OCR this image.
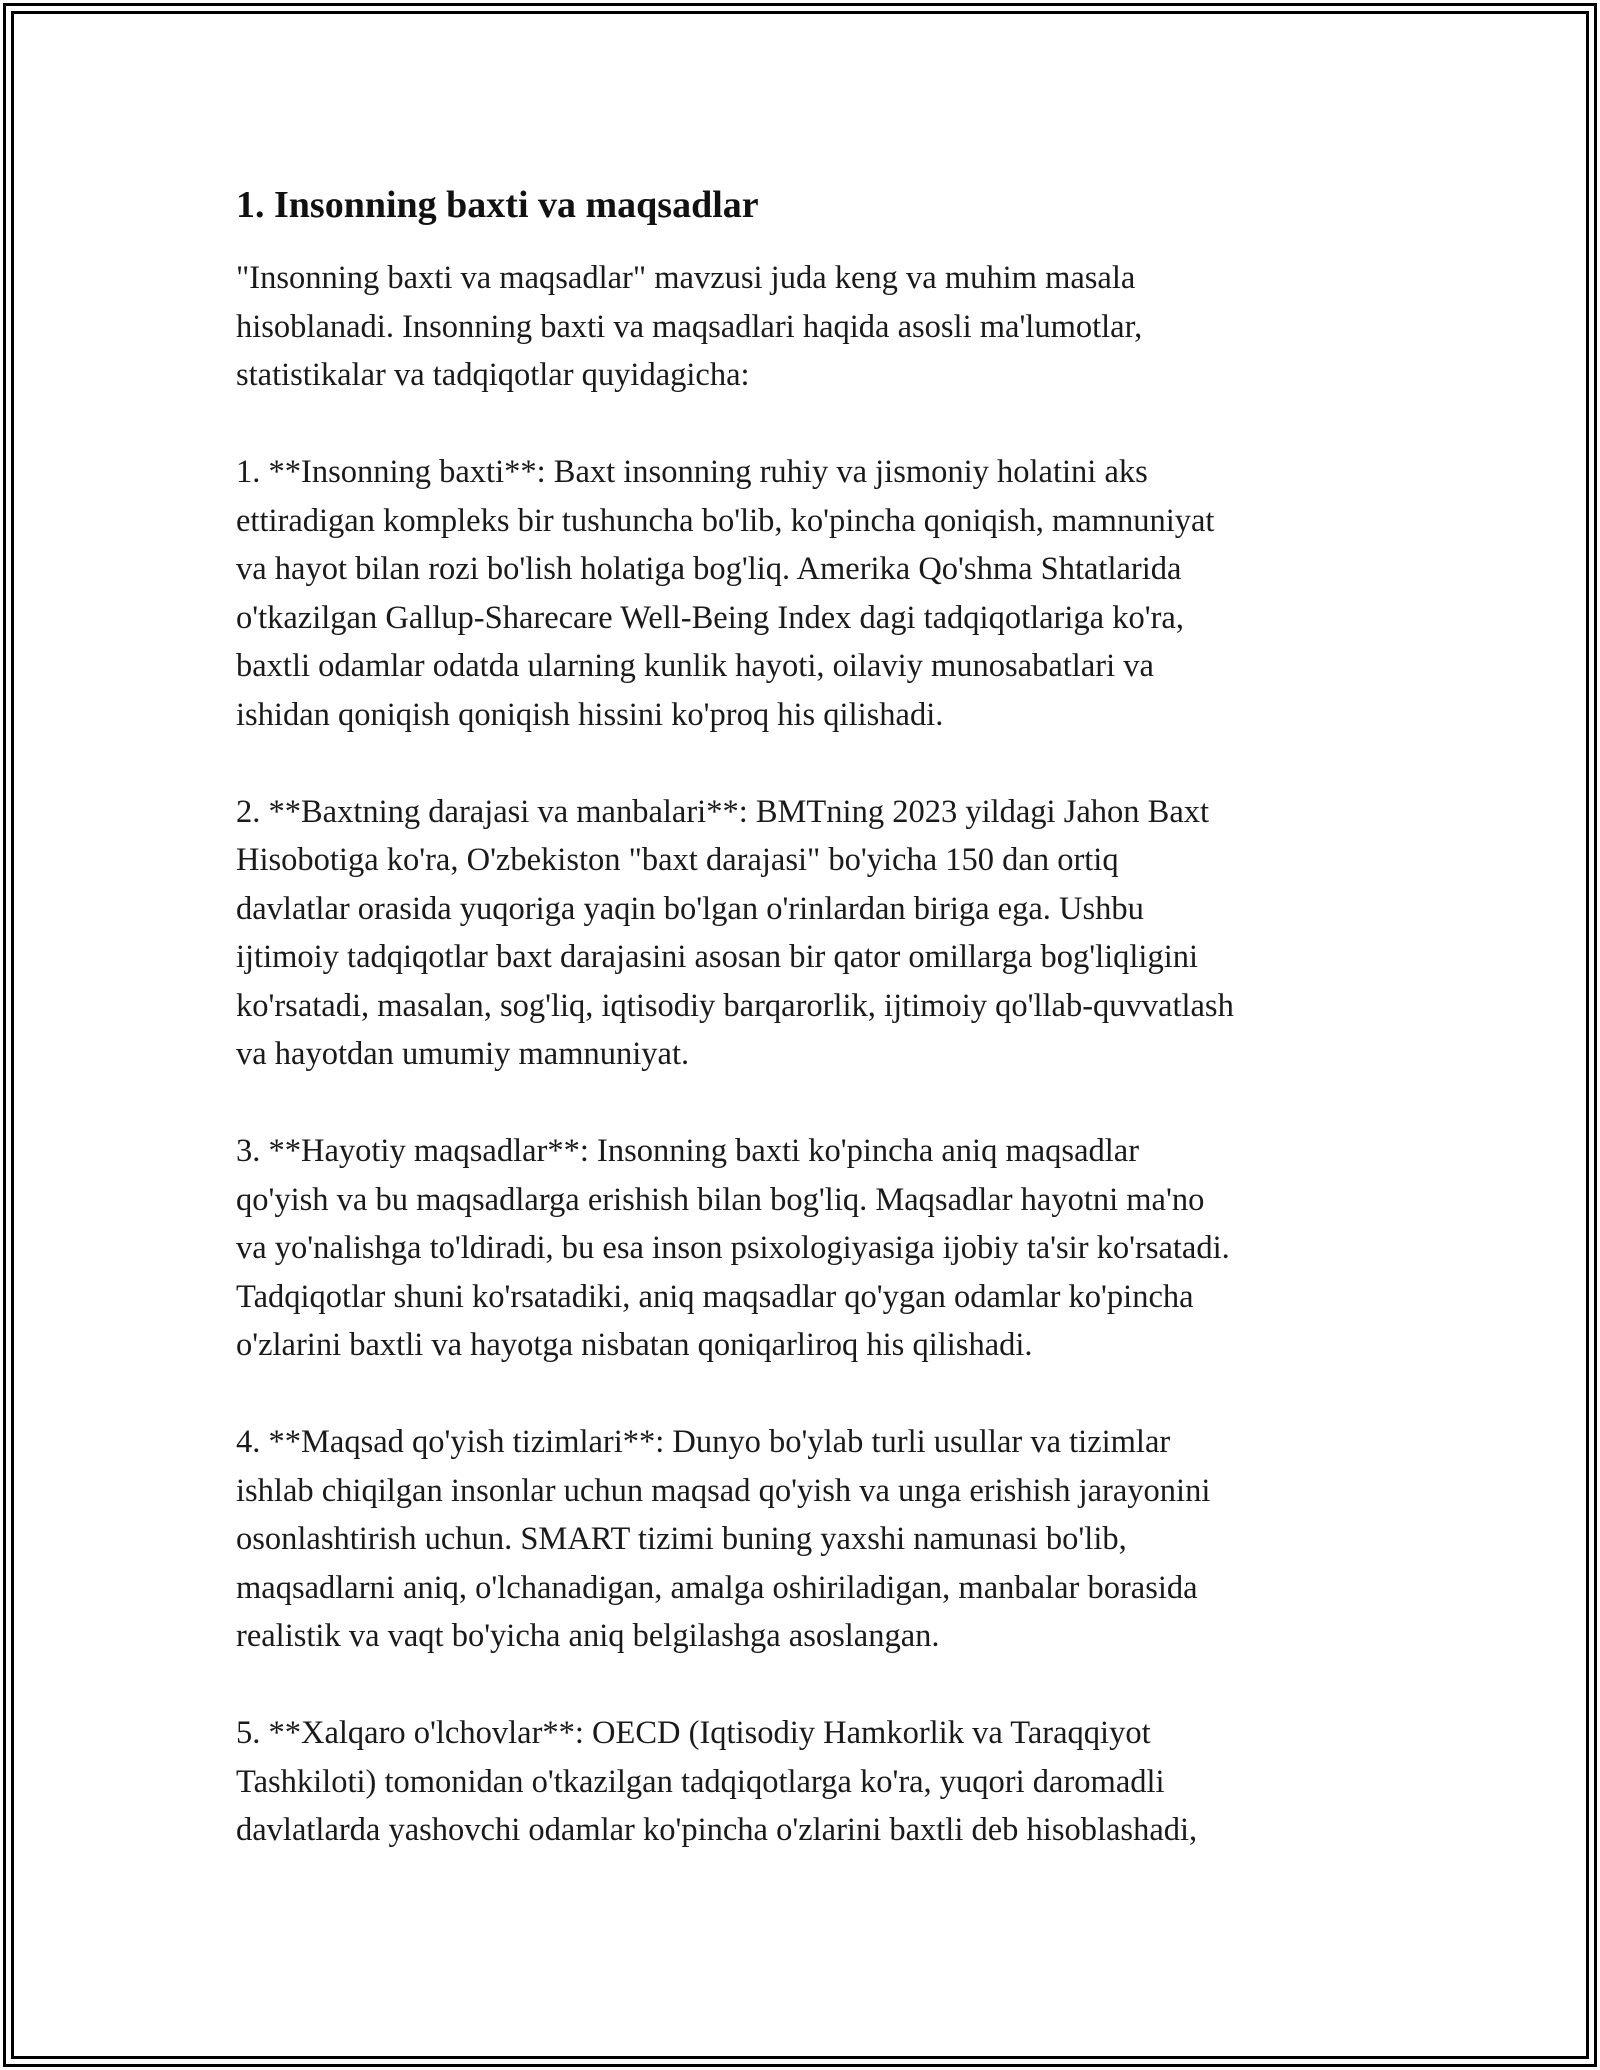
1. Insonning baxti va maqsadlar

"Insonning baxti va maqsadlar" mavzusi juda keng va muhim masala
hisoblanadi. Insonning baxti va maqsadlari haqida asosli ma'lumotlar,
statistikalar va tadqiqotlar quyidagicha:

1. **Insonning baxti**: Baxt insonning ruhiy va jismoniy holatini aks
ettiradigan kompleks bir tushuncha bo'lib, ko'pincha qoniqish, mamnuniyat
va hayot bilan rozi bo'lish holatiga bog'liq. Amerika Qo'shma Shtatlarida
o'tkazilgan Gallup-Sharecare Well-Being Index dagi tadqiqotlariga ko'ra,
baxtli odamlar odatda ularning kunlik hayoti, oilaviy munosabatlari va
ishidan qoniqish qoniqish hissini ko'proq his qilishadi.

2. **Baxtning darajasi va manbalari**: BMTning 2023 yildagi Jahon Baxt
Hisobotiga ko'ra, O'zbekiston "baxt darajasi" bo'yicha 150 dan ortiq
davlatlar orasida yuqoriga yaqin bo'lgan o'rinlardan biriga ega. Ushbu
ijtimoiy tadqiqotlar baxt darajasini asosan bir qator omillarga bog'liqligini
ko'rsatadi, masalan, sog'liq, iqtisodiy barqarorlik, ijtimoiy qo'llab-quvvatlash
va hayotdan umumiy mamnuniyat.

3. **Hayotiy maqsadlar**: Insonning baxti ko'pincha aniq maqsadlar
qo'yish va bu maqsadlarga erishish bilan bog'liq. Maqsadlar hayotni ma'no
va yo'nalishga to'ldiradi, bu esa inson psixologiyasiga ijobiy ta'sir ko'rsatadi.
Tadqiqotlar shuni ko'rsatadiki, aniq maqsadlar qo'ygan odamlar ko'pincha
o'zlarini baxtli va hayotga nisbatan qoniqarliroq his qilishadi.

4. **Maqsad qo'yish tizimlari**: Dunyo bo'ylab turli usullar va tizimlar
ishlab chiqilgan insonlar uchun maqsad qo'yish va unga erishish jarayonini
osonlashtirish uchun. SMART tizimi buning yaxshi namunasi bo'lib,
maqsadlarni aniq, o'lchanadigan, amalga oshiriladigan, manbalar borasida
realistik va vaqt bo'yicha aniq belgilashga asoslangan.

5. **Xalqaro o'lchovlar**: OECD (Iqtisodiy Hamkorlik va Taraqqiyot
Tashkiloti) tomonidan o'tkazilgan tadqiqotlarga ko'ra, yuqori daromadli
davlatlarda yashovchi odamlar ko'pincha o'zlarini baxtli deb hisoblashadi,
